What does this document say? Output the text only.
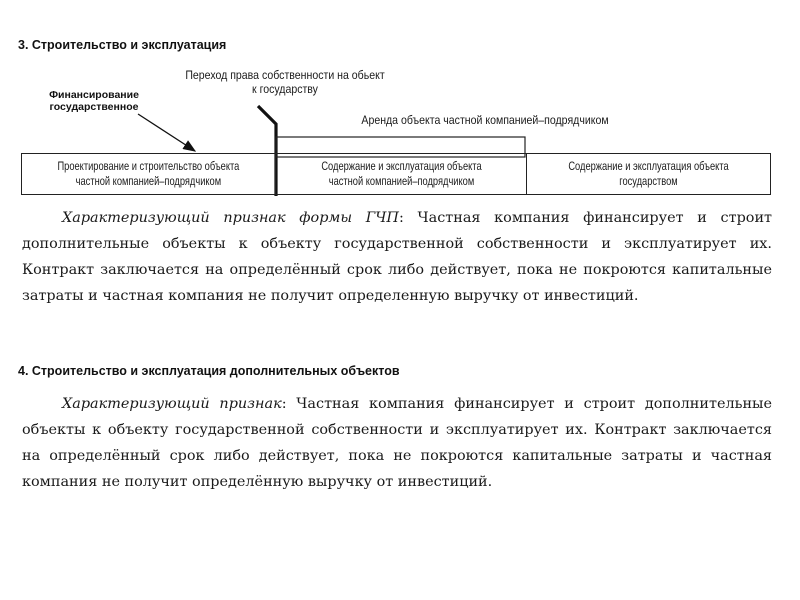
3. Строительство и эксплуатация
Финансирование
государственное
Переход права собственности на обьект
к государству
Аренда объекта частной компанией–подрядчиком
Проектирование и строительство объекта
частной компанией–подрядчиком
Содержание и эксплуатация объекта
частной компанией–подрядчиком
Содержание и эксплуатация объекта
государством

Характеризующий признак формы ГЧП: Частная компания финансирует и строит дополнительные объекты к объекту государственной собственности и эксплуатирует их. Контракт заключается на определённый срок либо действует, пока не покроются капитальные затраты и частная компания не получит определенную выручку от инвестиций.

4. Строительство и эксплуатация дополнительных объектов

Характеризующий признак: Частная компания финансирует и строит дополнительные объекты к объекту государственной собственности и эксплуатирует их. Контракт заключается на определённый срок либо действует, пока не покроются капитальные затраты и частная компания не получит определённую выручку от инвестиций.
